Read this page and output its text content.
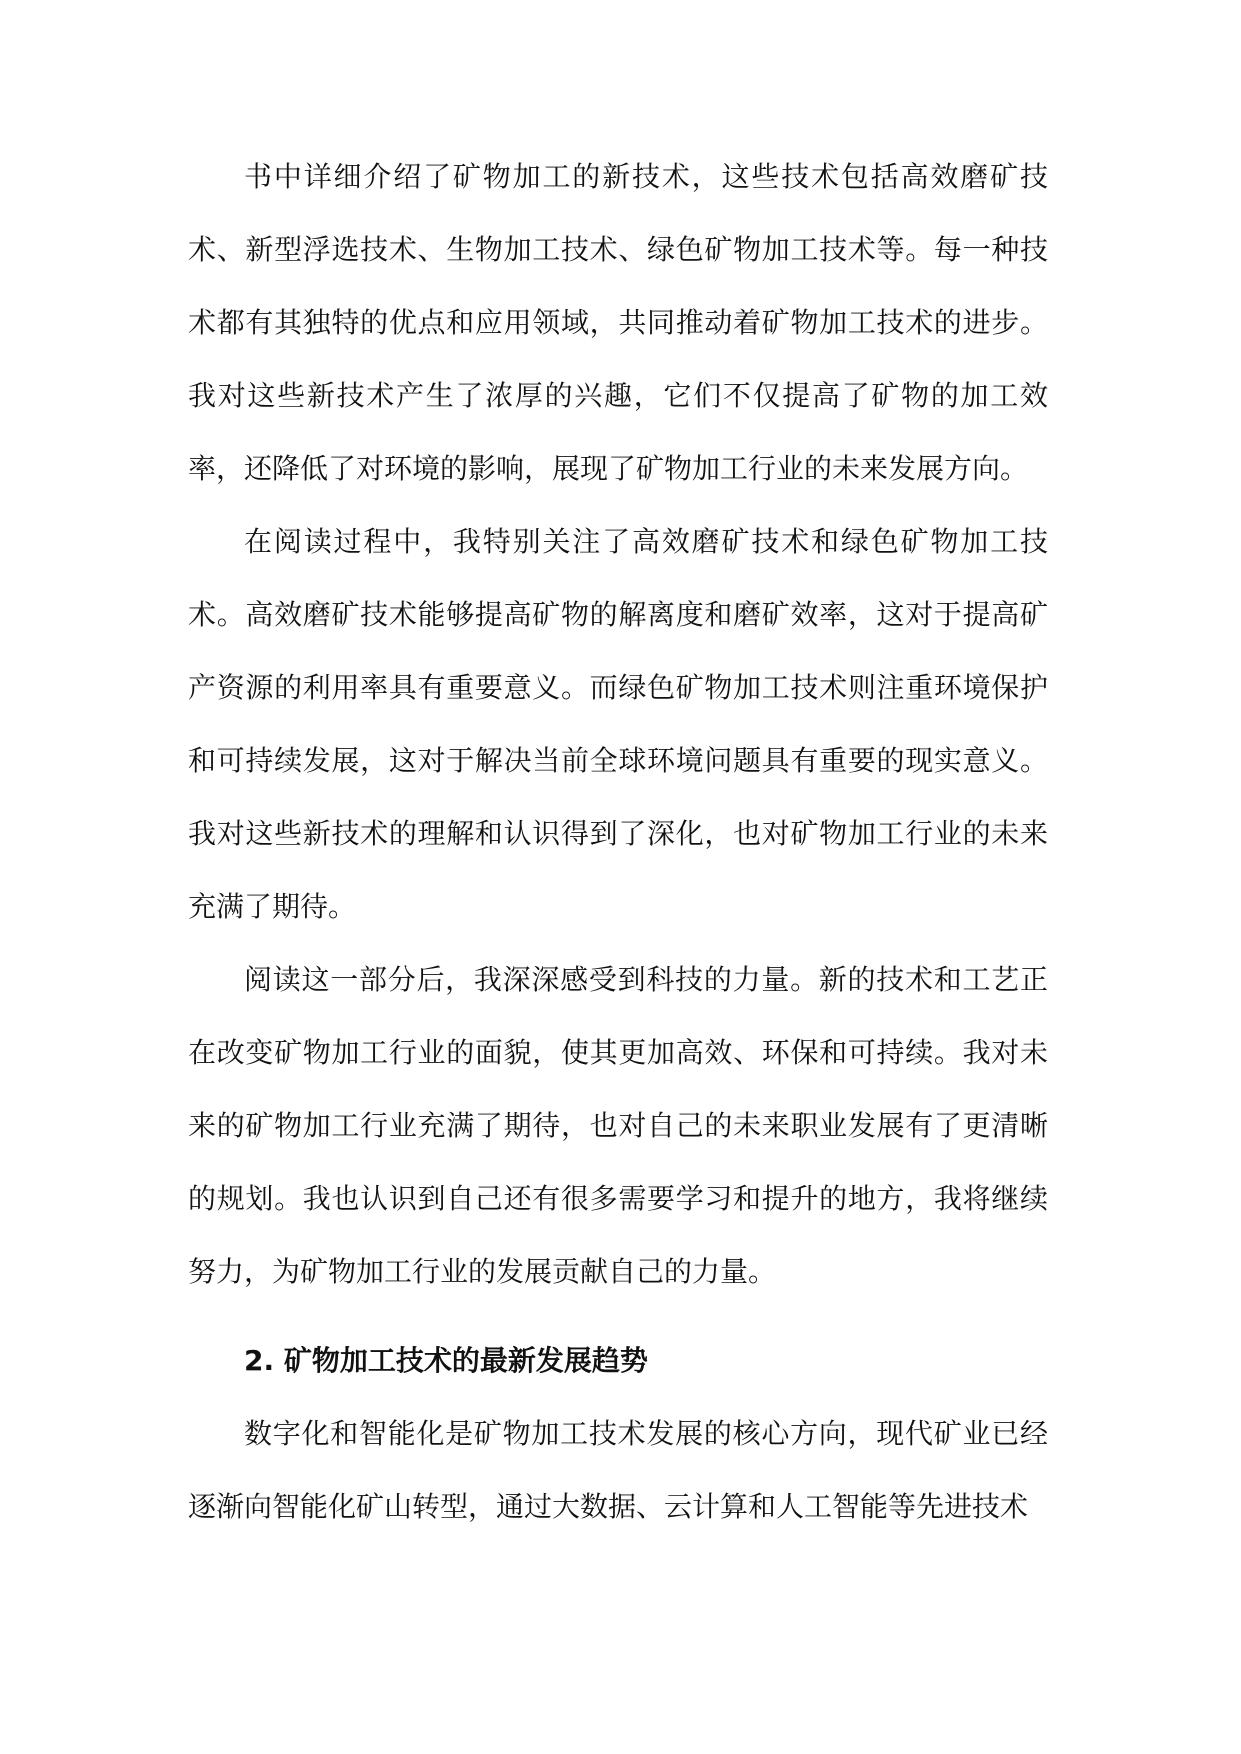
书中详细介绍了矿物加工的新技术，这些技术包括高效磨矿技术、新型浮选技术、生物加工技术、绿色矿物加工技术等。每一种技术都有其独特的优点和应用领域，共同推动着矿物加工技术的进步。我对这些新技术产生了浓厚的兴趣，它们不仅提高了矿物的加工效率，还降低了对环境的影响，展现了矿物加工行业的未来发展方向。

在阅读过程中，我特别关注了高效磨矿技术和绿色矿物加工技术。高效磨矿技术能够提高矿物的解离度和磨矿效率，这对于提高矿产资源的利用率具有重要意义。而绿色矿物加工技术则注重环境保护和可持续发展，这对于解决当前全球环境问题具有重要的现实意义。我对这些新技术的理解和认识得到了深化，也对矿物加工行业的未来充满了期待。

阅读这一部分后，我深深感受到科技的力量。新的技术和工艺正在改变矿物加工行业的面貌，使其更加高效、环保和可持续。我对未来的矿物加工行业充满了期待，也对自己的未来职业发展有了更清晰的规划。我也认识到自己还有很多需要学习和提升的地方，我将继续努力，为矿物加工行业的发展贡献自己的力量。

2. 矿物加工技术的最新发展趋势

数字化和智能化是矿物加工技术发展的核心方向，现代矿业已经逐渐向智能化矿山转型，通过大数据、云计算和人工智能等先进技术
